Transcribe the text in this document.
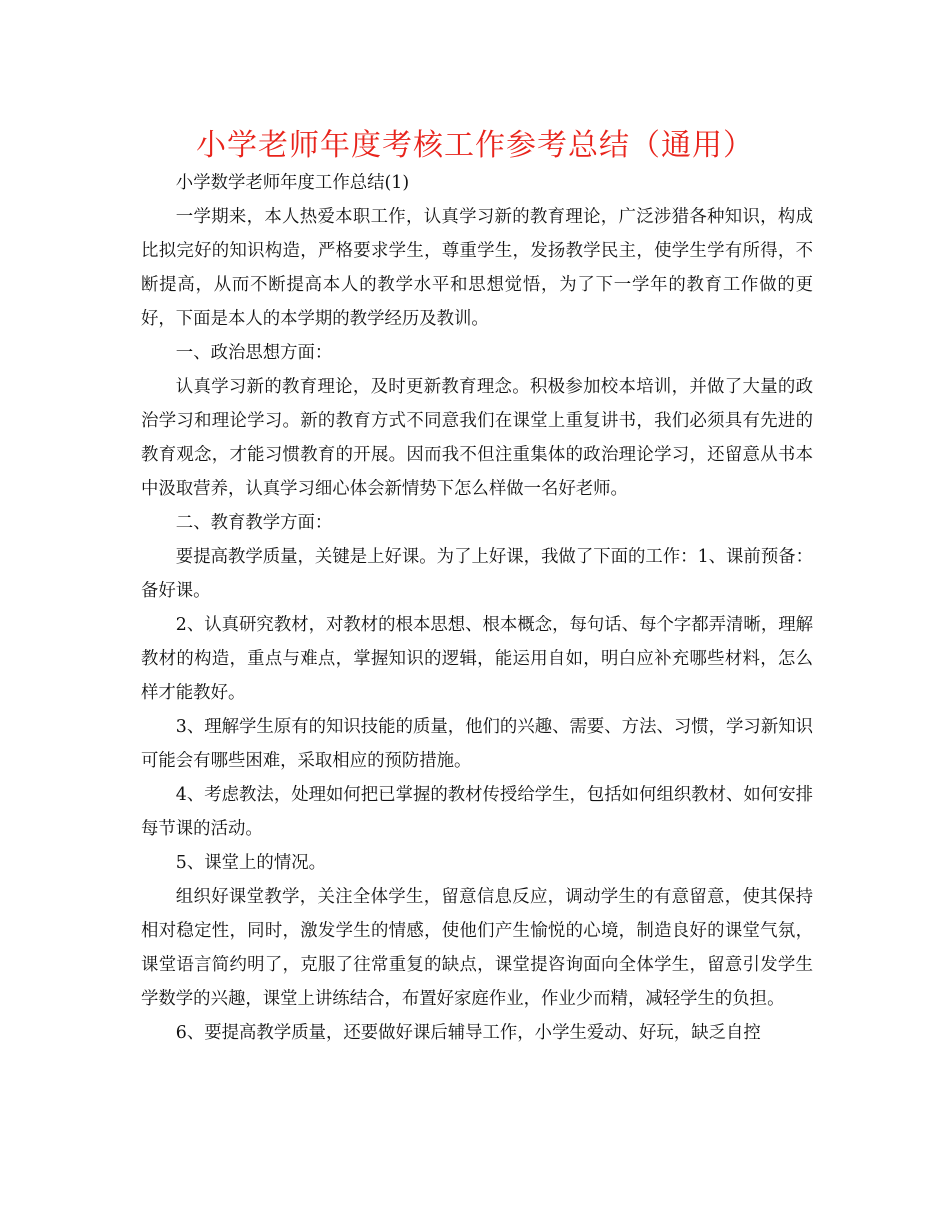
小学老师年度考核工作参考总结（通用）

小学数学老师年度工作总结(1)

一学期来，本人热爱本职工作，认真学习新的教育理论，广泛涉猎各种知识，构成比拟完好的知识构造，严格要求学生，尊重学生，发扬教学民主，使学生学有所得，不断提高，从而不断提高本人的教学水平和思想觉悟，为了下一学年的教育工作做的更好，下面是本人的本学期的教学经历及教训。

一、政治思想方面：

认真学习新的教育理论，及时更新教育理念。积极参加校本培训，并做了大量的政治学习和理论学习。新的教育方式不同意我们在课堂上重复讲书，我们必须具有先进的教育观念，才能习惯教育的开展。因而我不但注重集体的政治理论学习，还留意从书本中汲取营养，认真学习细心体会新情势下怎么样做一名好老师。

二、教育教学方面：

要提高教学质量，关键是上好课。为了上好课，我做了下面的工作：1、课前预备：备好课。

2、认真研究教材，对教材的根本思想、根本概念，每句话、每个字都弄清晰，理解教材的构造，重点与难点，掌握知识的逻辑，能运用自如，明白应补充哪些材料，怎么样才能教好。

3、理解学生原有的知识技能的质量，他们的兴趣、需要、方法、习惯，学习新知识可能会有哪些困难，采取相应的预防措施。

4、考虑教法，处理如何把已掌握的教材传授给学生，包括如何组织教材、如何安排每节课的活动。

5、课堂上的情况。

组织好课堂教学，关注全体学生，留意信息反应，调动学生的有意留意，使其保持相对稳定性，同时，激发学生的情感，使他们产生愉悦的心境，制造良好的课堂气氛，课堂语言简约明了，克服了往常重复的缺点，课堂提咨询面向全体学生，留意引发学生学数学的兴趣，课堂上讲练结合，布置好家庭作业，作业少而精，减轻学生的负担。

6、要提高教学质量，还要做好课后辅导工作，小学生爱动、好玩，缺乏自控
